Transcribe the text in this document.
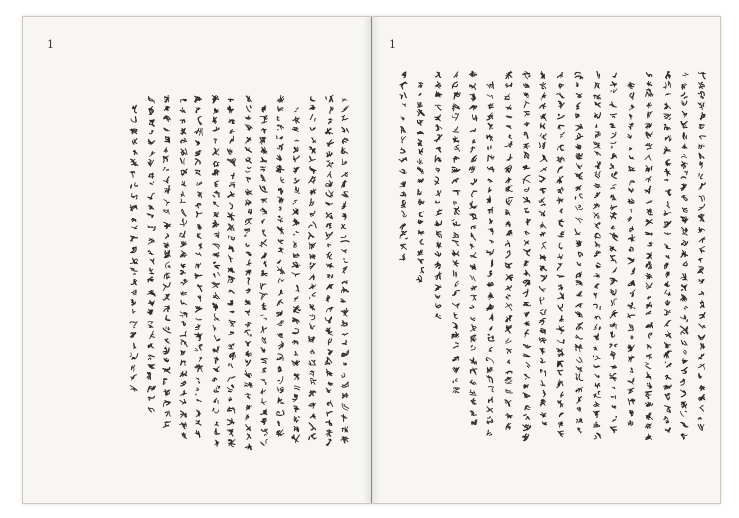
1	1
